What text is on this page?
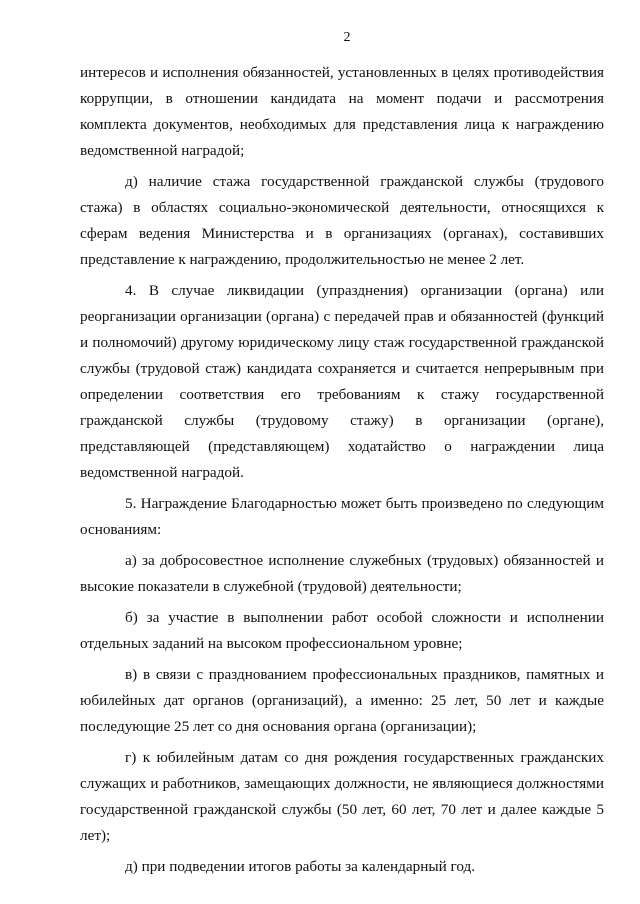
2

интересов и исполнения обязанностей, установленных в целях противодействия коррупции, в отношении кандидата на момент подачи и рассмотрения комплекта документов, необходимых для представления лица к награждению ведомственной наградой;

д) наличие стажа государственной гражданской службы (трудового стажа) в областях социально-экономической деятельности, относящихся к сферам ведения Министерства и в организациях (органах), составивших представление к награждению, продолжительностью не менее 2 лет.

4. В случае ликвидации (упразднения) организации (органа) или реорганизации организации (органа) с передачей прав и обязанностей (функций и полномочий) другому юридическому лицу стаж государственной гражданской службы (трудовой стаж) кандидата сохраняется и считается непрерывным при определении соответствия его требованиям к стажу государственной гражданской службы (трудовому стажу) в организации (органе), представляющей (представляющем) ходатайство о награждении лица ведомственной наградой.

5. Награждение Благодарностью может быть произведено по следующим основаниям:

а) за добросовестное исполнение служебных (трудовых) обязанностей и высокие показатели в служебной (трудовой) деятельности;

б) за участие в выполнении работ особой сложности и исполнении отдельных заданий на высоком профессиональном уровне;

в) в связи с празднованием профессиональных праздников, памятных и юбилейных дат органов (организаций), а именно: 25 лет, 50 лет и каждые последующие 25 лет со дня основания органа (организации);

г) к юбилейным датам со дня рождения государственных гражданских служащих и работников, замещающих должности, не являющиеся должностями государственной гражданской службы (50 лет, 60 лет, 70 лет и далее каждые 5 лет);

д) при подведении итогов работы за календарный год.
